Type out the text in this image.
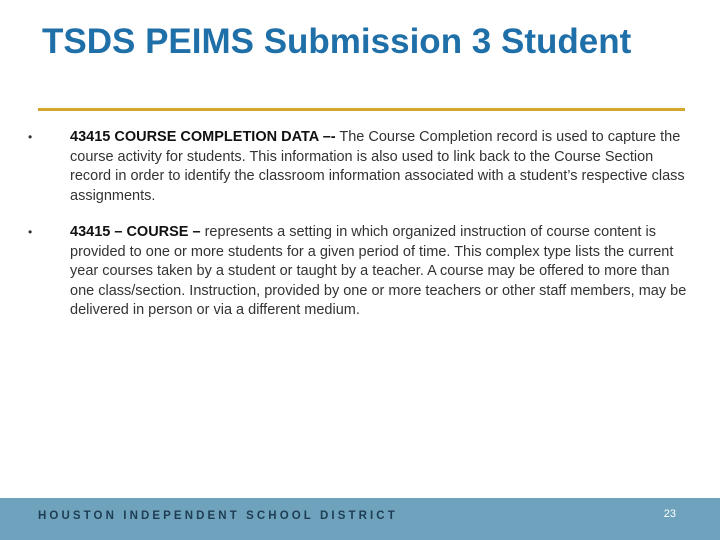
TSDS PEIMS Submission 3 Student
•	43415 COURSE COMPLETION DATA –- The Course Completion record is used to capture the course activity for students. This information is also used to link back to the Course Section record in order to identify the classroom information associated with a student’s respective class assignments.
•	43415 – COURSE – represents a setting in which organized instruction of course content is provided to one or more students for a given period of time. This complex type lists the current year courses taken by a student or taught by a teacher. A course may be offered to more than one class/section. Instruction, provided by one or more teachers or other staff members, may be delivered in person or via a different medium.
HOUSTON INDEPENDENT SCHOOL DISTRICT	23
